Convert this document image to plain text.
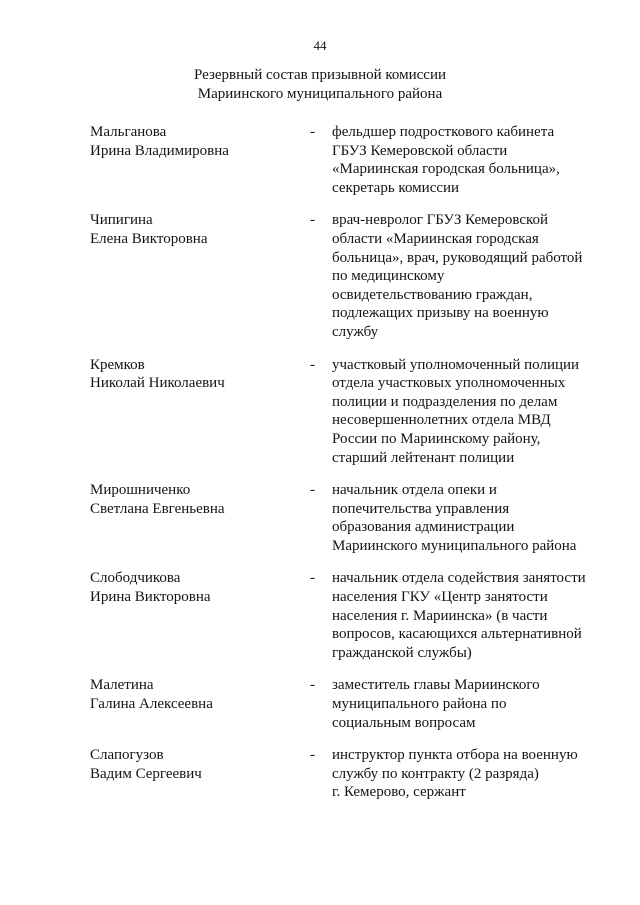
44
Резервный состав призывной комиссии
Мариинского муниципального района
Мальганова
Ирина Владимировна
-	фельдшер подросткового кабинета
ГБУЗ Кемеровской области
«Мариинская городская больница»,
секретарь комиссии
Чипигина
Елена Викторовна
-	врач-невролог ГБУЗ Кемеровской
области «Мариинская городская
больница», врач, руководящий работой
по медицинскому
освидетельствованию граждан,
подлежащих призыву на военную
службу
Кремков
Николай Николаевич
-	участковый уполномоченный полиции
отдела участковых уполномоченных
полиции и подразделения по делам
несовершеннолетних отдела МВД
России по Мариинскому району,
старший лейтенант полиции
Мирошниченко
Светлана Евгеньевна
-	начальник отдела опеки и
попечительства управления
образования администрации
Мариинского муниципального района
Слободчикова
Ирина Викторовна
-	начальник отдела содействия занятости
населения ГКУ «Центр занятости
населения г. Мариинска» (в части
вопросов, касающихся альтернативной
гражданской службы)
Малетина
Галина Алексеевна
-	заместитель главы Мариинского
муниципального района по
социальным вопросам
Слапогузов
Вадим Сергеевич
-	инструктор пункта отбора на военную
службу по контракту (2 разряда)
г. Кемерово, сержант
